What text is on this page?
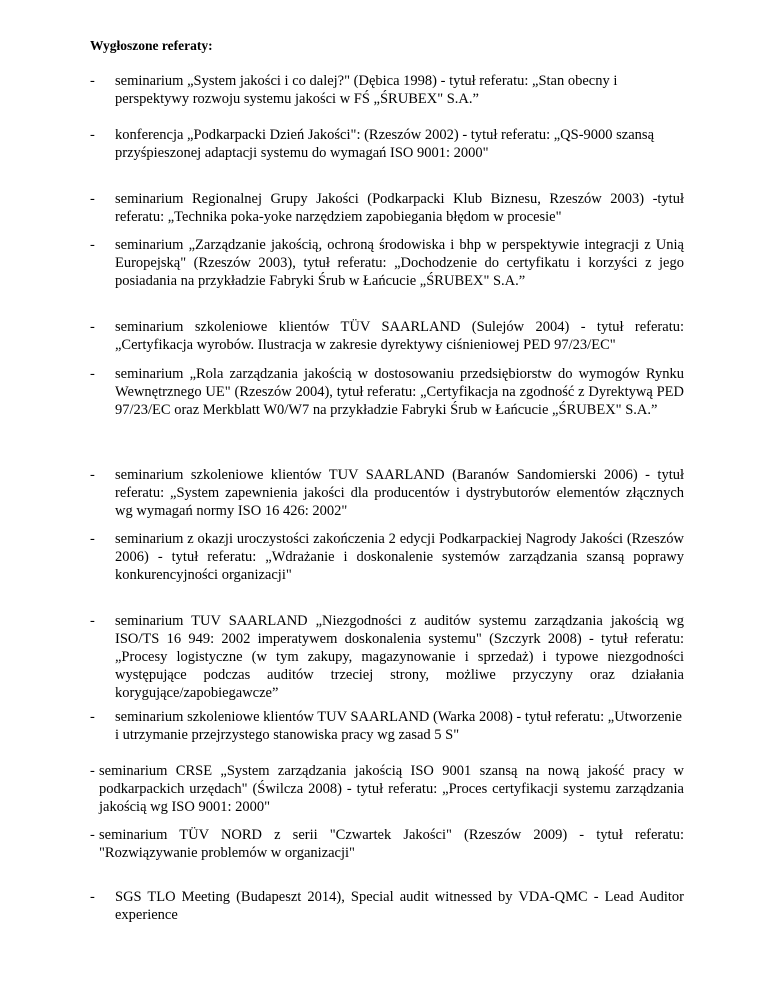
Wygłoszone referaty:
-	seminarium „System jakości i co dalej?" (Dębica 1998) - tytuł referatu: „Stan obecny i perspektywy rozwoju systemu jakości w FŚ „ŚRUBEX" S.A.”
-	konferencja „Podkarpacki Dzień Jakości": (Rzeszów 2002) - tytuł referatu: „QS-9000 szansą przyśpieszonej adaptacji systemu do wymagań ISO 9001: 2000"
-	seminarium Regionalnej Grupy Jakości (Podkarpacki Klub Biznesu, Rzeszów 2003) -tytuł referatu: „Technika poka-yoke narzędziem zapobiegania błędom w procesie"
-	seminarium „Zarządzanie jakością, ochroną środowiska i bhp w perspektywie integracji z Unią Europejską" (Rzeszów 2003), tytuł referatu: „Dochodzenie do certyfikatu i korzyści z jego posiadania na przykładzie Fabryki Śrub w Łańcucie „ŚRUBEX" S.A.”
-	seminarium szkoleniowe klientów TÜV SAARLAND (Sulejów 2004) - tytuł referatu: „Certyfikacja wyrobów. Ilustracja w zakresie dyrektywy ciśnieniowej PED 97/23/EC"
-	seminarium „Rola zarządzania jakością w dostosowaniu przedsiębiorstw do wymogów Rynku Wewnętrznego UE" (Rzeszów 2004), tytuł referatu: „Certyfikacja na zgodność z Dyrektywą PED 97/23/EC oraz Merkblatt W0/W7 na przykładzie Fabryki Śrub w Łańcucie „ŚRUBEX" S.A.”
-	seminarium szkoleniowe klientów TUV SAARLAND (Baranów Sandomierski 2006) - tytuł referatu: „System zapewnienia jakości dla producentów i dystrybutorów elementów złącznych wg wymagań normy ISO 16 426: 2002"
-	seminarium z okazji uroczystości zakończenia 2 edycji Podkarpackiej Nagrody Jakości (Rzeszów 2006) - tytuł referatu: „Wdrażanie i doskonalenie systemów zarządzania szansą poprawy konkurencyjności organizacji"
-	seminarium TUV SAARLAND „Niezgodności z auditów systemu zarządzania jakością wg ISO/TS 16 949: 2002 imperatywem doskonalenia systemu" (Szczyrk 2008) - tytuł referatu: „Procesy logistyczne (w tym zakupy, magazynowanie i sprzedaż) i typowe niezgodności występujące podczas auditów trzeciej strony, możliwe przyczyny oraz działania korygujące/zapobiegawcze”
-	seminarium szkoleniowe klientów TUV SAARLAND (Warka 2008) - tytuł referatu: „Utworzenie i utrzymanie przejrzystego stanowiska pracy wg zasad 5 S"
- seminarium CRSE „System zarządzania jakością ISO 9001 szansą na nową jakość pracy w podkarpackich urzędach" (Świlcza 2008) - tytuł referatu: „Proces certyfikacji systemu zarządzania jakością wg ISO 9001: 2000"
- seminarium TÜV NORD z serii "Czwartek Jakości" (Rzeszów 2009) - tytuł referatu: "Rozwiązywanie problemów w organizacji"
-	SGS TLO Meeting (Budapeszt 2014), Special audit witnessed by VDA-QMC - Lead Auditor experience
